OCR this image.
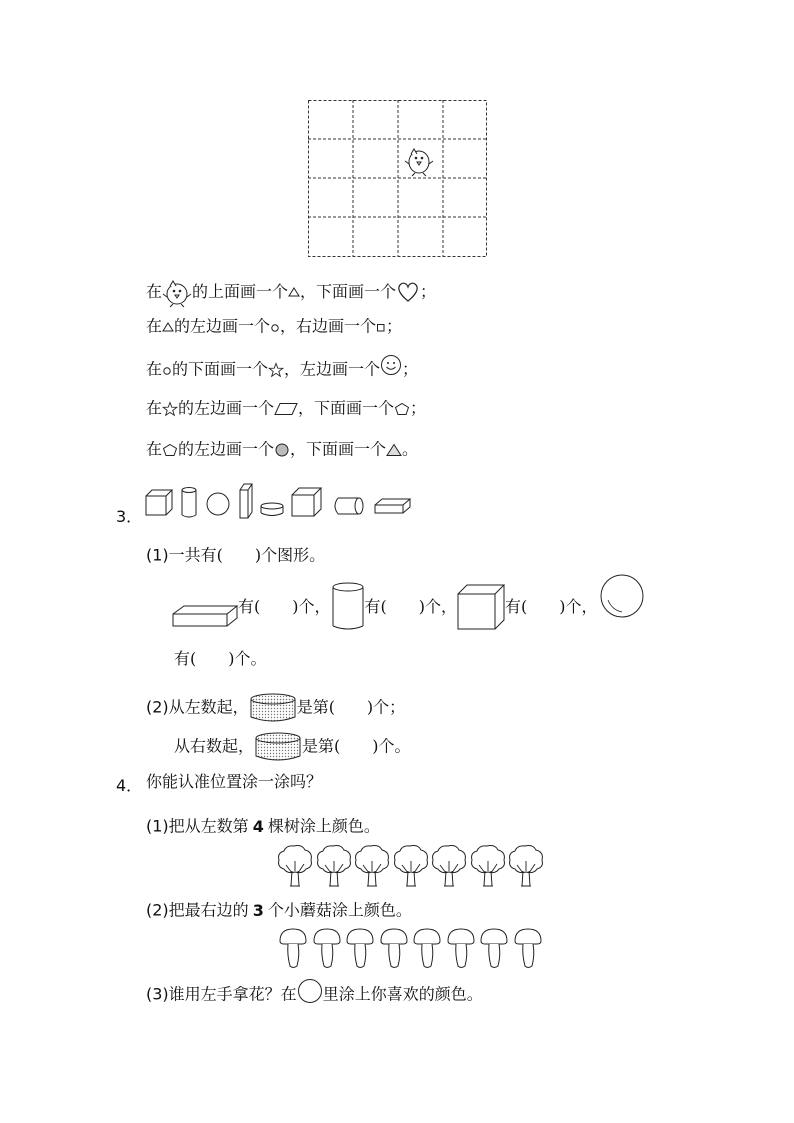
在 的上面画一个 ，下面画一个 ；
在 的左边画一个 ，右边画一个 ；
在 的下面画一个 ，左边画一个 ；
在 的左边画一个 ，下面画一个 ；
在 的左边画一个 ，下面画一个 。
3．
(1)一共有(　　)个图形。
有(　　)个， 有(　　)个，	有(　　)个，
有(　　)个。
(2)从左数起，	是第(　　)个；
从右数起，	是第(　　)个。
4． 你能认准位置涂一涂吗？
(1)把从左数第 4 棵树涂上颜色。
(2)把最右边的 3 个小蘑菇涂上颜色。
(3)谁用左手拿花？在 里涂上你喜欢的颜色。
